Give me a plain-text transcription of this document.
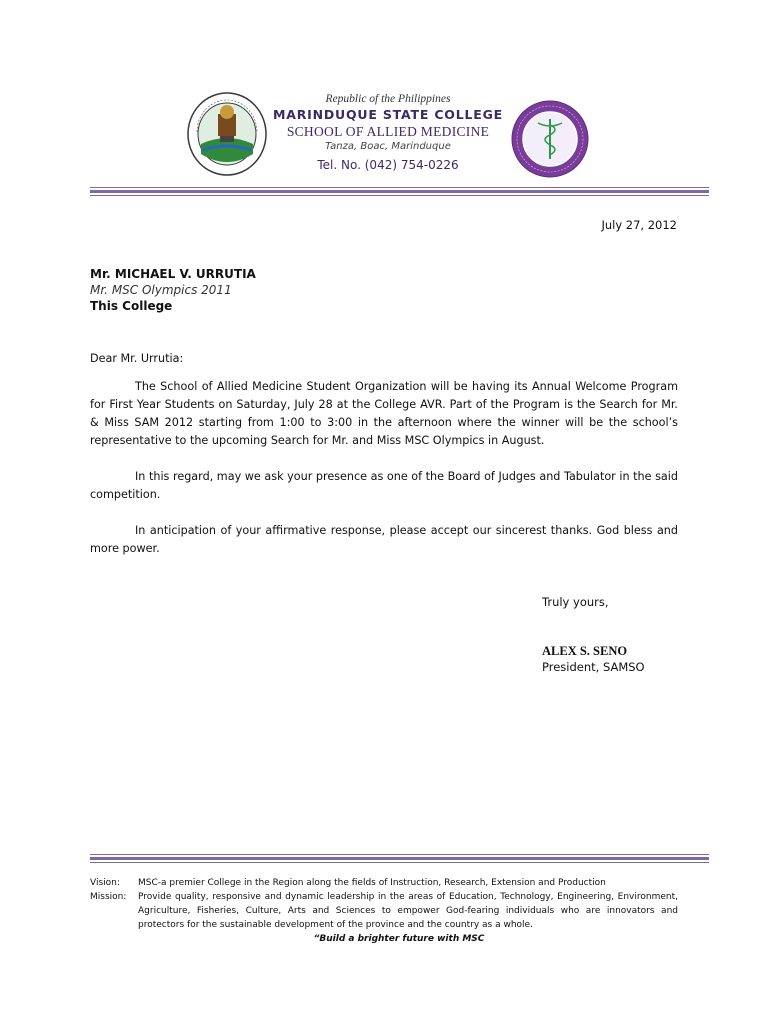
Republic of the Philippines
MARINDUQUE STATE COLLEGE
SCHOOL OF ALLIED MEDICINE
Tanza, Boac, Marinduque
Tel. No. (042) 754-0226
July 27, 2012
Mr. MICHAEL V. URRUTIA
Mr. MSC Olympics 2011
This College

Dear Mr. Urrutia:

The School of Allied Medicine Student Organization will be having its Annual Welcome Program for First Year Students on Saturday, July 28 at the College AVR. Part of the Program is the Search for Mr. & Miss SAM 2012 starting from 1:00 to 3:00 in the afternoon where the winner will be the school’s representative to the upcoming Search for Mr. and Miss MSC Olympics in August.

In this regard, may we ask your presence as one of the Board of Judges and Tabulator in the said competition.

In anticipation of your affirmative response, please accept our sincerest thanks. God bless and more power.

Truly yours,
ALEX S. SENO
President, SAMSO
Vision:	MSC-a premier College in the Region along the fields of Instruction, Research, Extension and Production
Mission:	Provide quality, responsive and dynamic leadership in the areas of Education, Technology, Engineering, Environment, Agriculture, Fisheries, Culture, Arts and Sciences to empower God-fearing individuals who are innovators and protectors for the sustainable development of the province and the country as a whole.
“Build a brighter future with MSC
